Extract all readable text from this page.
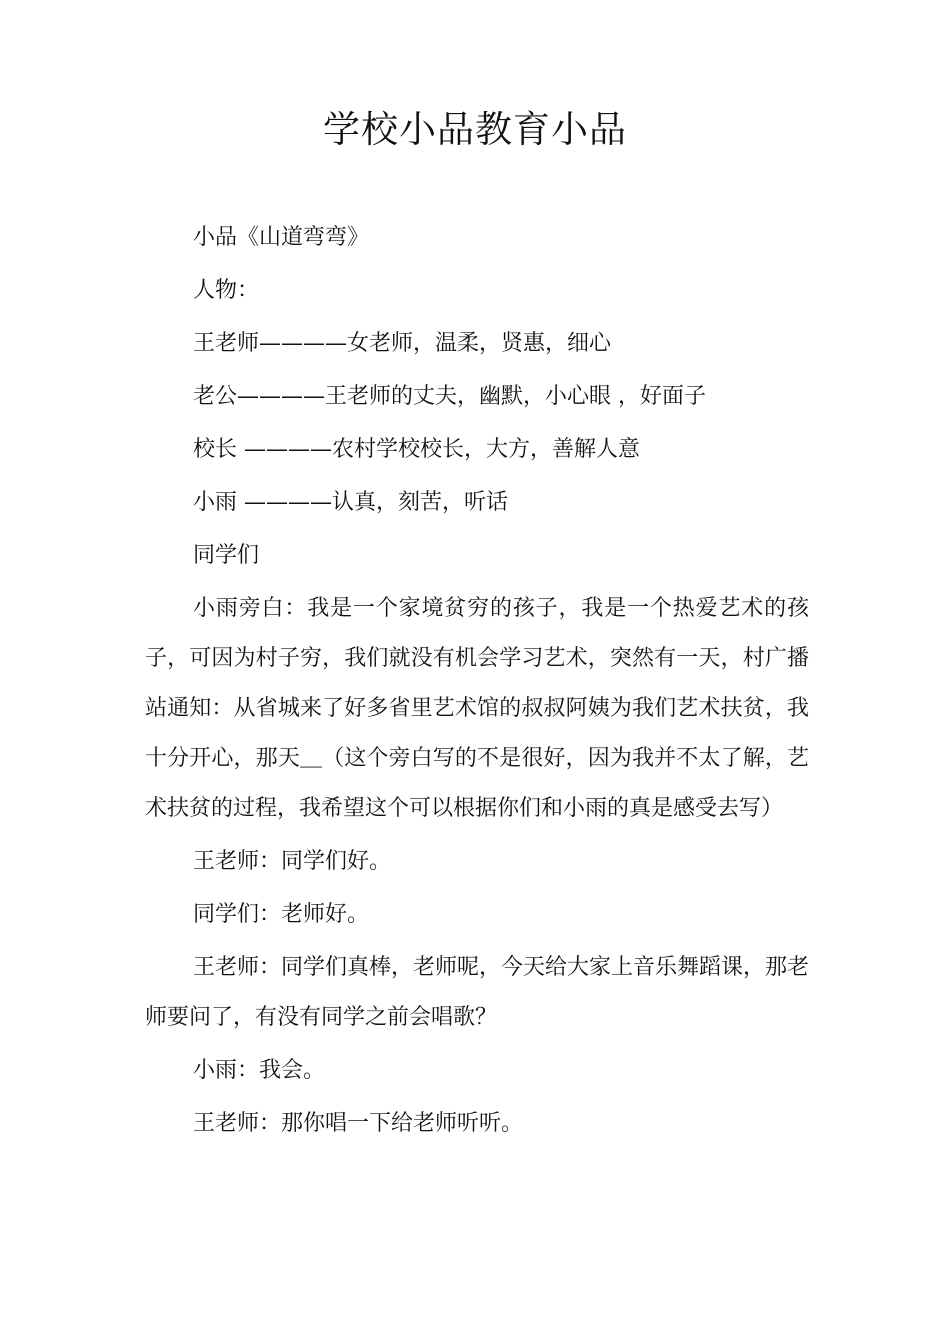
学校小品教育小品

小品《山道弯弯》

人物：

王老师————女老师，温柔，贤惠，细心

老公————王老师的丈夫，幽默，小心眼 ，好面子

校长 ————农村学校校长，大方，善解人意

小雨 ————认真，刻苦，听话

同学们

小雨旁白：我是一个家境贫穷的孩子，我是一个热爱艺术的孩子，可因为村子穷，我们就没有机会学习艺术，突然有一天，村广播站通知：从省城来了好多省里艺术馆的叔叔阿姨为我们艺术扶贫，我十分开心，那天＿（这个旁白写的不是很好，因为我并不太了解，艺术扶贫的过程，我希望这个可以根据你们和小雨的真是感受去写）

王老师：同学们好。

同学们：老师好。

王老师：同学们真棒，老师呢，今天给大家上音乐舞蹈课，那老师要问了，有没有同学之前会唱歌？

小雨：我会。

王老师：那你唱一下给老师听听。
